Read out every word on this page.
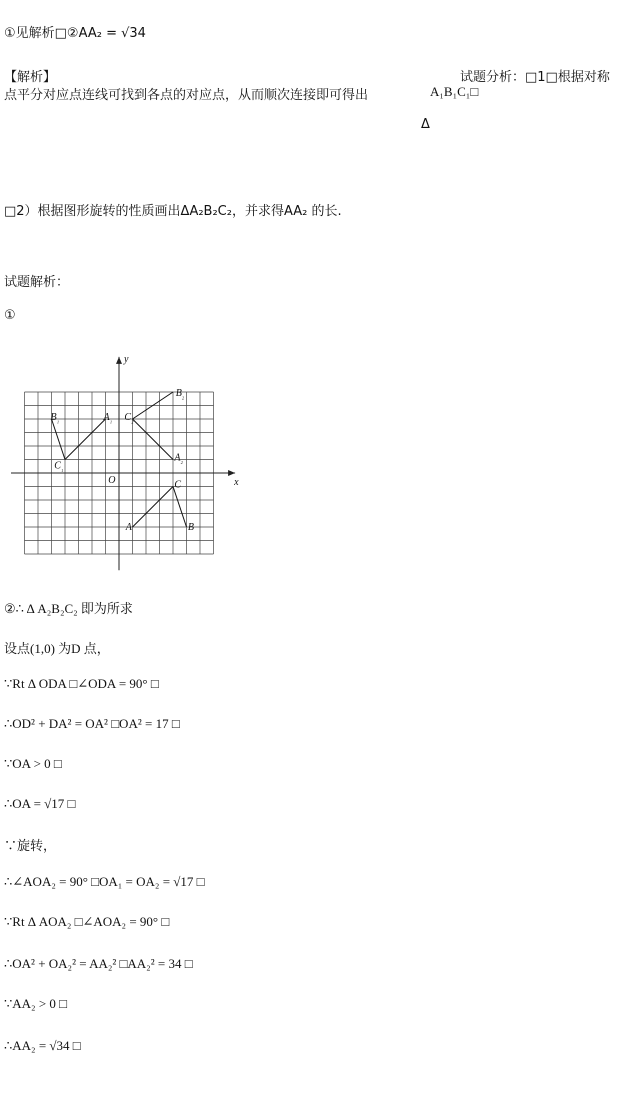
①见解析□②AA₂ = √34
【解析】	试题分析：□1□根据对称
点平分对应点连线可找到各点的对应点，从而顺次连接即可得出	A₁B₁C₁□
Δ
□2）根据图形旋转的性质画出ΔA₂B₂C₂，并求得AA₂ 的长.
试题解析：
①
$B_{_1}$	$A_{_1}$ $C_{_2}$
$B_{_2}$
$C_{_1}$
$A_{_2}$
C
A	B
O	x
y
②∴ Δ A₂B₂C₂ 即为所求
设点(1,0) 为D 点，
∵Rt Δ ODA □∠ODA = 90° □
∴OD² + DA² = OA² □OA² = 17 □
∵OA > 0 □
∴OA = √17 □
∵旋转，
∴∠AOA₂ = 90° □OA₁ = OA₂ = √17 □
∵Rt Δ AOA₂ □∠AOA₂ = 90° □
∴OA² + OA₂² = AA₂² □AA₂² = 34 □
∵AA₂ > 0 □
∴AA₂ = √34 □
